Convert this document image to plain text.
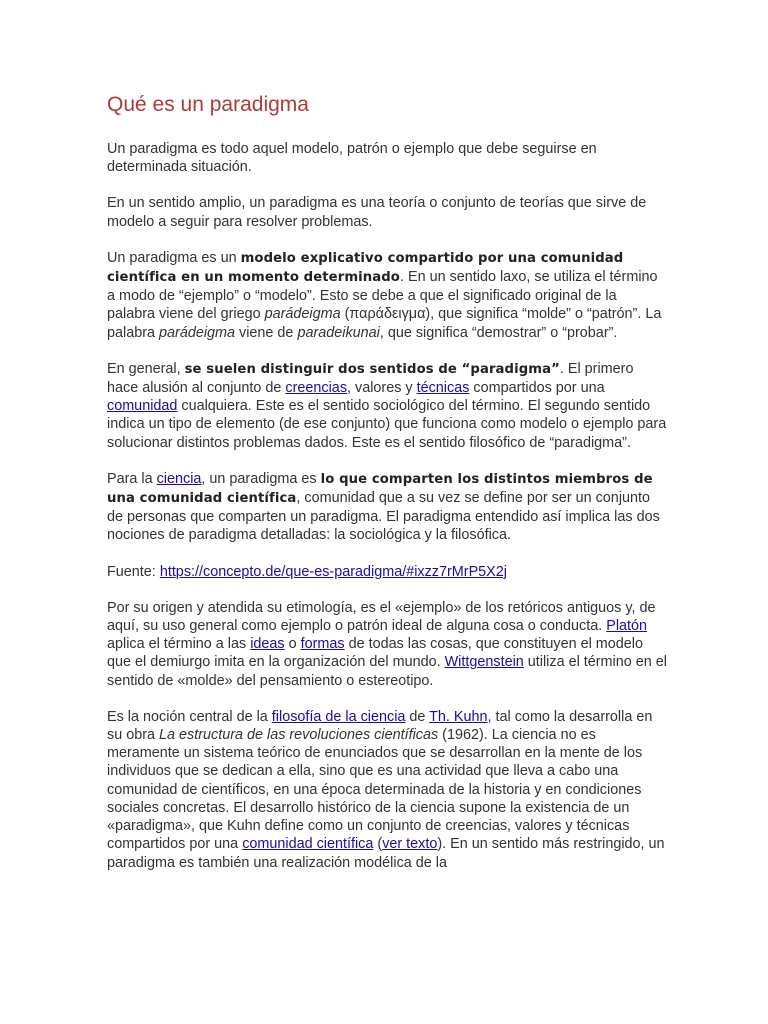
Qué es un paradigma

Un paradigma es todo aquel modelo, patrón o ejemplo que debe seguirse en determinada situación.

En un sentido amplio, un paradigma es una teoría o conjunto de teorías que sirve de modelo a seguir para resolver problemas.

Un paradigma es un modelo explicativo compartido por una comunidad científica en un momento determinado. En un sentido laxo, se utiliza el término a modo de “ejemplo” o “modelo”. Esto se debe a que el significado original de la palabra viene del griego parádeigma (παράδειγμα), que significa “molde” o “patrón”. La palabra parádeigma viene de paradeikunai, que significa “demostrar” o “probar”.

En general, se suelen distinguir dos sentidos de “paradigma”. El primero hace alusión al conjunto de creencias, valores y técnicas compartidos por una comunidad cualquiera. Este es el sentido sociológico del término. El segundo sentido indica un tipo de elemento (de ese conjunto) que funciona como modelo o ejemplo para solucionar distintos problemas dados. Este es el sentido filosófico de “paradigma”.

Para la ciencia, un paradigma es lo que comparten los distintos miembros de una comunidad científica, comunidad que a su vez se define por ser un conjunto de personas que comparten un paradigma. El paradigma entendido así implica las dos nociones de paradigma detalladas: la sociológica y la filosófica.

Fuente: https://concepto.de/que-es-paradigma/#ixzz7rMrP5X2j

Por su origen y atendida su etimología, es el «ejemplo» de los retóricos antiguos y, de aquí, su uso general como ejemplo o patrón ideal de alguna cosa o conducta. Platón aplica el término a las ideas o formas de todas las cosas, que constituyen el modelo que el demiurgo imita en la organización del mundo. Wittgenstein utiliza el término en el sentido de «molde» del pensamiento o estereotipo.

Es la noción central de la filosofía de la ciencia de Th. Kuhn, tal como la desarrolla en su obra La estructura de las revoluciones científicas (1962). La ciencia no es meramente un sistema teórico de enunciados que se desarrollan en la mente de los individuos que se dedican a ella, sino que es una actividad que lleva a cabo una comunidad de científicos, en una época determinada de la historia y en condiciones sociales concretas. El desarrollo histórico de la ciencia supone la existencia de un «paradigma», que Kuhn define como un conjunto de creencias, valores y técnicas compartidos por una comunidad científica (ver texto). En un sentido más restringido, un paradigma es también una realización modélica de la
